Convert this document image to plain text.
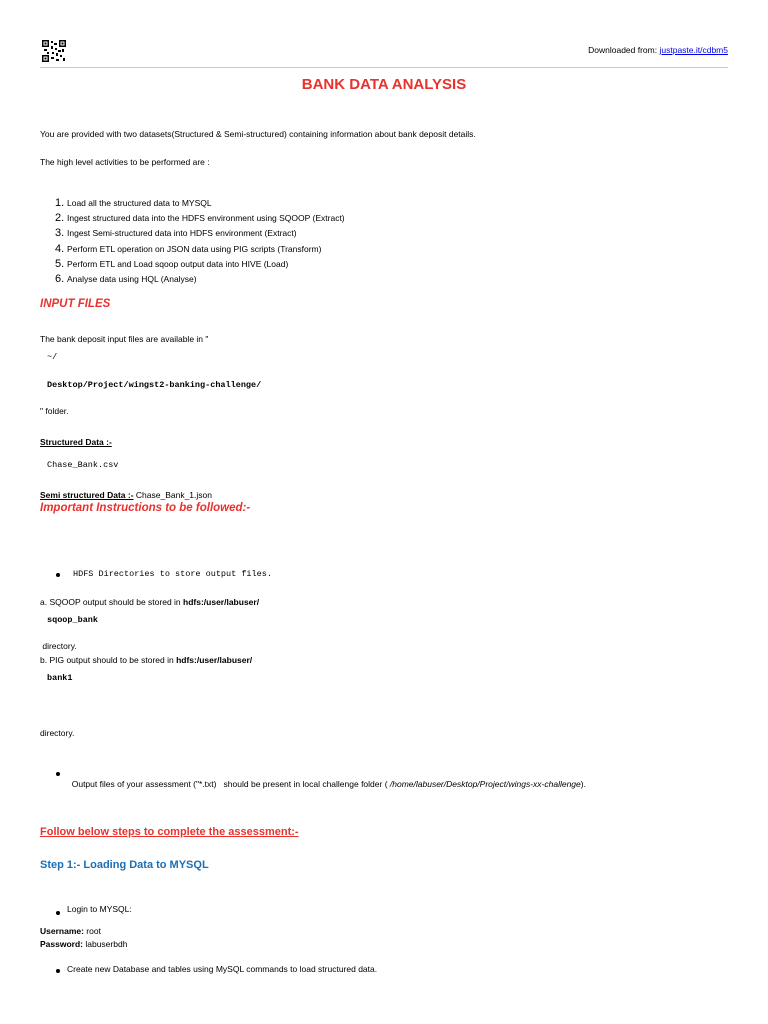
Downloaded from: justpaste.it/cdbm5
BANK DATA ANALYSIS
You are provided with two datasets(Structured & Semi-structured) containing information about bank deposit details.
The high level activities to be performed are :
1. Load all the structured data to MYSQL
2. Ingest structured data into the HDFS environment using SQOOP (Extract)
3. Ingest Semi-structured data into HDFS environment (Extract)
4. Perform ETL operation on JSON data using PIG scripts (Transform)
5. Perform ETL and Load sqoop output data into HIVE (Load)
6. Analyse data using HQL (Analyse)
INPUT FILES
The bank deposit input files are available in "
~/
Desktop/Project/wingst2-banking-challenge/
" folder.
Structured Data :-
Chase_Bank.csv
Semi structured Data :- Chase_Bank_1.json
Important Instructions to be followed:-
HDFS Directories to store output files.
a. SQOOP output should be stored in hdfs:/user/labuser/
sqoop_bank
directory.
b. PIG output should to be stored in hdfs:/user/labuser/
bank1
directory.

Output files of your assessment ("*.txt)   should be present in local challenge folder ( /home/labuser/Desktop/Project/wings-xx-challenge).

Follow below steps to complete the assessment:-
Step 1:- Loading Data to MYSQL
Login to MYSQL:
Username: root
Password: labuserbdh
Create new Database and tables using MySQL commands to load structured data.
